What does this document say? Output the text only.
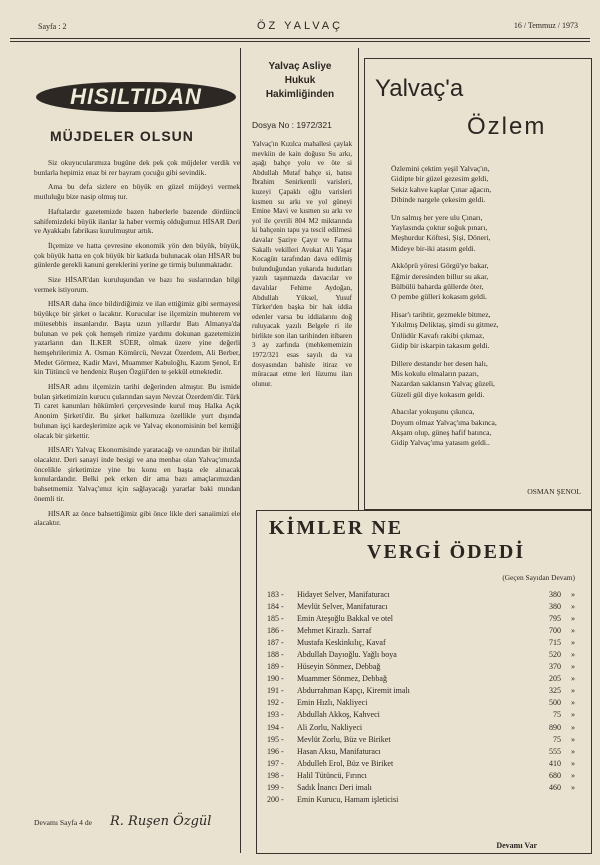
Sayfa : 2	ÖZ YALVAÇ	16 / Temmuz / 1973
HISILTIDAN
MÜJDELER OLSUN

Siz okuyucularımıza bugüne dek pek çok müjdeler verdik ve bunlarla hepimiz enaz bi rer bayram çocuğu gibi sevindik.

Ama bu defa sizlere en büyük en güzel müjdeyi vermek mutluluğu bize nasip olmuş tur.

Haftalardır gazetemizde bazen haberlerle bazende dördüncü sahifemizdeki büyük ilanlar la haber vermiş olduğumuz HİSAR Deri ve Ayakkabı fabrikası kurulmuştur artık.

İlçemize ve hatta çevresine ekonomik yön den büyük, büyük, çok büyük hatta en çok büyük bir katkıda bulunacak olan HİSAR bu günlerde gerekli kanuni gereklerini yerine ge tirmiş bulunmaktadır.

Size HİSAR'dan kuruluşundan ve bazı hu suslarından bilgi vermek istiyorum.

HİSAR daha önce bildirdiğimiz ve ilan ettiğimiz gibi sermayesi büyükçe bir şirket o lacaktır. Kurucular ise ilçemizin muhterem ve mütesebbis insanlarıdır. Başta uzun yıllardır Batı Almanya'da bulunan ve pek çok hemşeh rimize yardımı dokunan gazetemizin yazarların dan İLKER SÜER, olmak üzere yine değerli hemşehrilerimiz A. Osman Kömürcü, Nevzat Özerdem, Ali Berber, Medet Görmez, Kadir Mavi, Muammer Kabuloğlu, Kazım Şenol, Er kin Tütüncü ve hendeniz Ruşen Özgül'den te şekkül etmektedir.

HİSAR adını ilçemizin tarihi değerinden almıştır. Bu ismide bulan şirketimizin kurucu çularından sayın Nevzat Özerdem'dir. Türk Ti caret kanunları hükümleri çerçevesinde kurul muş Halka Açık Anonim Şirketi'dir. Bu şirket halkımıza özellikle yurt dışında bulunan işçi kardeşlerimize açık ve Yalvaç ekonomisinin bel kemiği olacak bir şirkettir.

HİSAR'ı Yalvaç Ekonomisinde yaratacağı ve ozundan bir ihtilal olacaktır. Deri sanayi inde besigi ve ana menbaı olan Yalvaç'ımızda öncelikle şirketimize yine bu konu en başta ele alınacak konulardandır. Belki pek erken dir ama bazı amaçlarımızdan bahsetmemiz Yalvaç'ımız için sağlayacağı yararlar baki mından önemli tir.

HİSAR az önce bahsettiğimiz gibi önce likle deri sanaiimizi ele alacaktır.

Devamı Sayfa 4 de R. Ruşen Özgül
Yalvaç Asliye
Hukuk
Hakimliğinden
Dosya No : 1972/321
Yalvaç'ın Kızılca mahallesi çaylak mevkiin de kain doğusu Su arkı, aşağı bahçe yolu ve öte si Abdullah Mutaf bahçe si, batısı İbrahim Senirkentli varisleri, kuzeyi Çapaklı oğlu varisleri kısmen su arkı ve yol güneyi Emine Mavi ve kısmen su arkı ve yol ile çevrili 804 M2 miktarında ki bahçenin tapu ya tescil edilmesi davalar Şaziye Çayır ve Fatma Sakallı vekilleri Avukat Ali Yaşar Kocagün tarafından dava edilmiş bulunduğundan yukarıda hudutları yazılı taşınmazda davacılar ve davalılar Fehime Aydoğan, Abdullah Yüksel, Yusuf Türker'den başka bir hak iddia edenler varsa bu iddialarını doğ ruluyacak yazılı Belgele ri ile birlikte son ilan tarihinden itibaren 3 ay zarfında (mehkememizin 1972/321 esas sayılı da va dosyasından bahisle itiraz ve müracaat etme leri lüzumu ilan olunur.
Yalvaç'a
Özlem
Özlemini çektim yeşil Yalvaç'ın,
Gidipte bir güzel gezesim geldi,
Sekiz kahve kaplar Çınar ağacın,
Dibinde nargele çekesim geldi.
Un salmış her yere ulu Çınarı,
Yaylasında çoktur soğuk pınarı,
Meşhurdur Köftesi, Şişi, Döneri,
Mideye bir-iki atasım geldi.
Akköprü yöresi Görgü'ye bakar,
Eğmir deresinden billur su akar,
Bülbülü baharda güllerde öter,
O pembe gülleri kokasım geldi.
Hisar'ı tarihtir, gezmekle bitmez,
Yıkılmış Deliktaş, şimdi su gitmez,
Ünlüdür Kavafı rakibi çıkmaz,
Gidip bir iskarpin takasım geldi.
Dillere destandır her desen halı,
Mis kokulu elmaların pazarı,
Nazardan saklansın Yalvaç güzeli,
Güzeli gül diye kokasım geldi.
Abacılar yokuşunu çıkınca,
Doyum olmaz Yalvaç'ıma bakınca,
Akşam olup, güneş hafif batınca,
Gidip Yalvaç'ıma yatasım geldi..
OSMAN ŞENOL
KİMLER NE
VERGİ ÖDEDİ
(Geçen Sayıdan Devam)
183 -	Hidayet Selver, Manifaturacı	380 »
184 -	Mevlüt Selver, Manifaturacı	380 »
185 -	Emin Ateşoğlu Bakkal ve otel	795 »
186 -	Mehmet Kirazlı. Sarraf	700 »
187 -	Mustafa Keskinkılıç, Kavaf	715 »
188 -	Abdullah Dayıoğlu. Yağlı boya	520 »
189 -	Hüseyin Sönmez, Debbağ	370 »
190 -	Muammer Sönmez, Debbağ	205 »
191 -	Abdurrahman Kapçı, Kiremit imalı	325 »
192 -	Emin Hızlı, Nakliyeci	500 »
193 -	Abdullah Akkoş, Kahveci	75 »
194 -	Ali Zorlu, Nakliyeci	890 »
195 -	Mevlüt Zorlu, Büz ve Biriket	75 »
196 -	Hasan Aksu, Manifaturacı	555 »
197 -	Abdulleh Erol, Büz ve Biriket	410 »
198 -	Halil Tütüncü, Fırıncı	680 »
199 -	Sadık İnancı Deri imalı	460 »
200 -	Emin Kurucu, Hamam işleticisi
Devamı Var
